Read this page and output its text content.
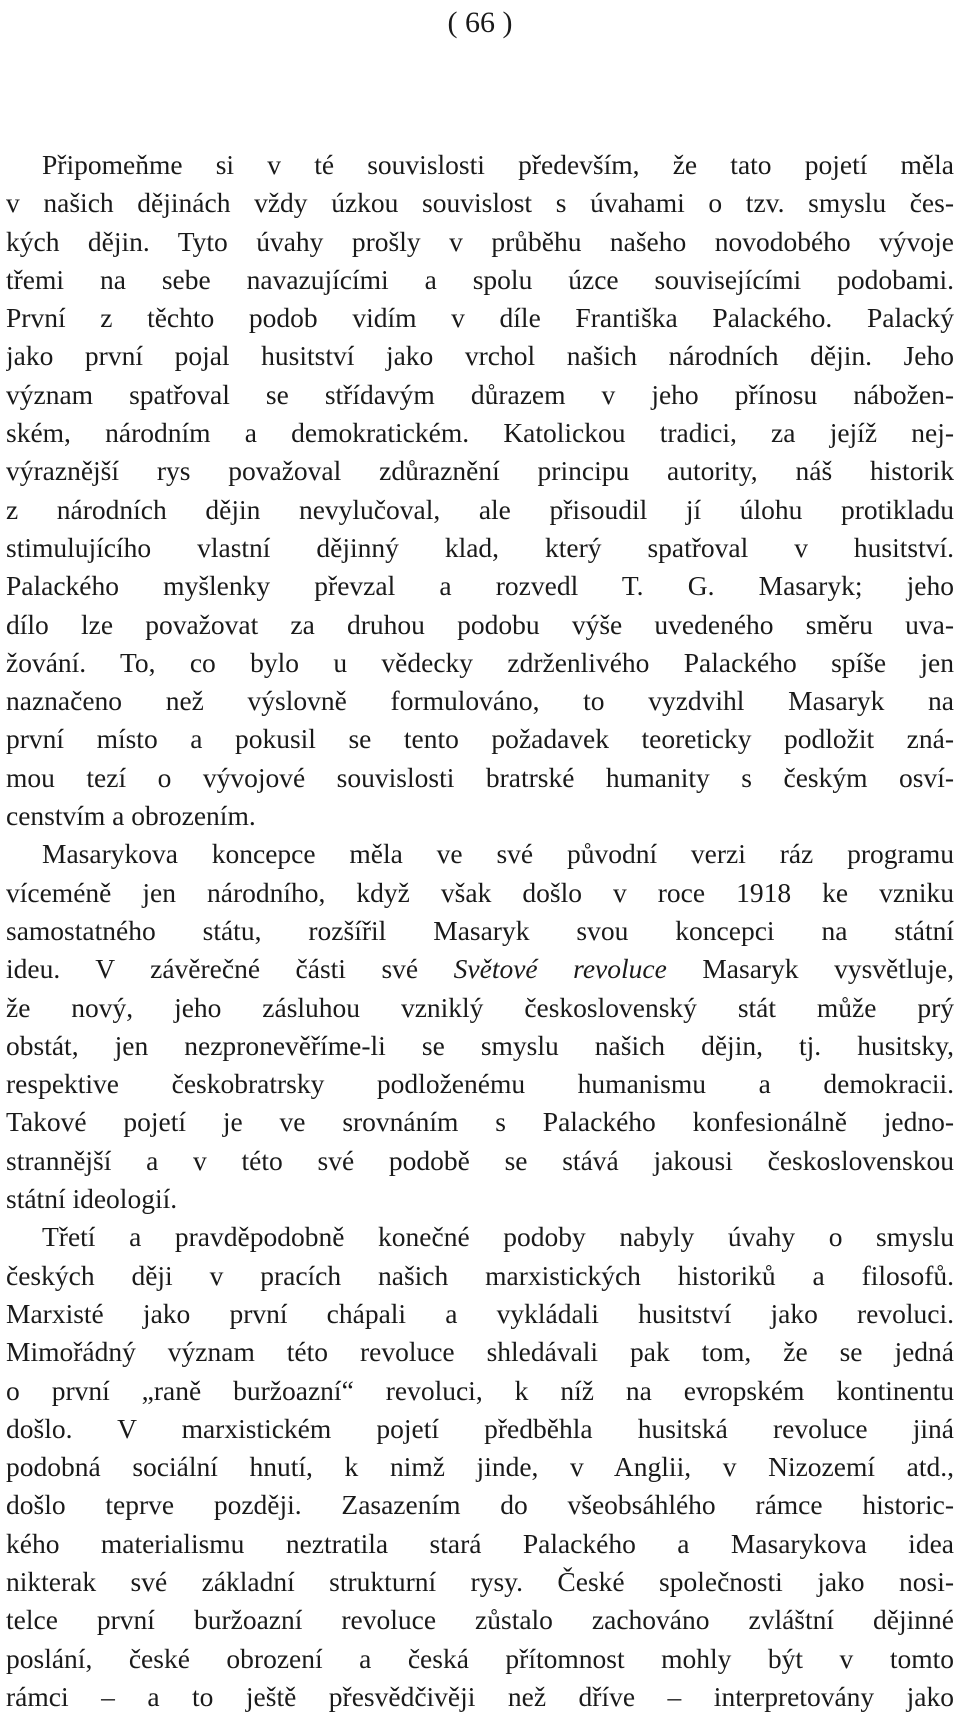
( 66 )
Připomeňme si v té souvislosti především, že tato pojetí měla
v našich dějinách vždy úzkou souvislost s úvahami o tzv. smyslu čes-
kých dějin. Tyto úvahy prošly v průběhu našeho novodobého vývoje
třemi na sebe navazujícími a spolu úzce souvisejícími podobami.
První z těchto podob vidím v díle Františka Palackého. Palacký
jako první pojal husitství jako vrchol našich národních dějin. Jeho
význam spatřoval se střídavým důrazem v jeho přínosu nábožen-
ském, národním a demokratickém. Katolickou tradici, za jejíž nej-
výraznější rys považoval zdůraznění principu autority, náš historik
z národních dějin nevylučoval, ale přisoudil jí úlohu protikladu
stimulujícího vlastní dějinný klad, který spatřoval v husitství.
Palackého myšlenky převzal a rozvedl T. G. Masaryk; jeho
dílo lze považovat za druhou podobu výše uvedeného směru uva-
žování. To, co bylo u vědecky zdrženlivého Palackého spíše jen
naznačeno než výslovně formulováno, to vyzdvihl Masaryk na
první místo a pokusil se tento požadavek teoreticky podložit zná-
mou tezí o vývojové souvislosti bratrské humanity s českým osví-
censtvím a obrozením.
Masarykova koncepce měla ve své původní verzi ráz programu
víceméně jen národního, když však došlo v roce 1918 ke vzniku
samostatného státu, rozšířil Masaryk svou koncepci na státní
ideu. V závěrečné části své Světové revoluce Masaryk vysvětluje,
že nový, jeho zásluhou vzniklý československý stát může prý
obstát, jen nezpronevěříme-li se smyslu našich dějin, tj. husitsky,
respektive českobratrsky podloženému humanismu a demokracii.
Takové pojetí je ve srovnáním s Palackého konfesionálně jedno-
strannější a v této své podobě se stává jakousi československou
státní ideologií.
Třetí a pravděpodobně konečné podoby nabyly úvahy o smyslu
českých ději v pracích našich marxistických historiků a filosofů.
Marxisté jako první chápali a vykládali husitství jako revoluci.
Mimořádný význam této revoluce shledávali pak tom, že se jedná
o první „raně buržoazní“ revoluci, k níž na evropském kontinentu
došlo. V marxistickém pojetí předběhla husitská revoluce jiná
podobná sociální hnutí, k nimž jinde, v Anglii, v Nizozemí atd.,
došlo teprve později. Zasazením do všeobsáhlého rámce historic-
kého materialismu neztratila stará Palackého a Masarykova idea
nikterak své základní strukturní rysy. České společnosti jako nosi-
telce první buržoazní revoluce zůstalo zachováno zvláštní dějinné
poslání, české obrození a česká přítomnost mohly být v tomto
rámci – a to ještě přesvědčivěji než dříve – interpretovány jako
